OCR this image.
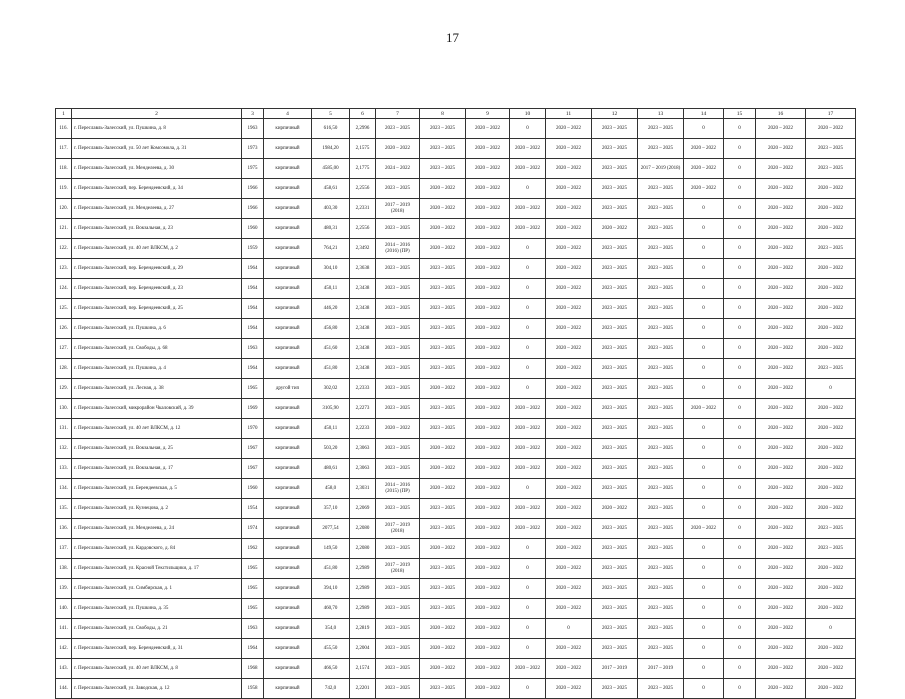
17
1	2	3	4	5	6	7	8	9	10	11	12	13	14	15	16	17
116.	г. Переславль-Залесский, ул. Пушкина, д. 8	1963	кирпичный	616,50	2,2996	2023 – 2025	2023 – 2025	2020 – 2022	0	2020 – 2022	2023 – 2025	2023 – 2025	0	0	2020 – 2022	2020 – 2022
117.	г. Переславль-Залесский, ул. 50 лет Комсомола, д. 31	1973	кирпичный	1984,20	2,1575	2020 – 2022	2023 – 2025	2020 – 2022	2020 – 2022	2020 – 2022	2023 – 2025	2023 – 2025	2020 – 2022	0	2020 – 2022	2023 – 2025
118.	г. Переславль-Залесский, ул. Менделеева, д. 30	1975	кирпичный	4585,00	2,1775	2024 – 2022	2023 – 2025	2020 – 2022	2020 – 2022	2020 – 2022	2023 – 2025	2017 – 2019 (2018)	2020 – 2022	0	2020 – 2022	2023 – 2025
119.	г. Переславль-Залесский, пер. Берендеевский, д. 34	1966	кирпичный	458,61	2,2556	2023 – 2025	2020 – 2022	2020 – 2022	0	2020 – 2022	2023 – 2025	2023 – 2025	2020 – 2022	0	2020 – 2022	2020 – 2022
120.	г. Переславль-Залесский, ул. Менделеева, д. 27	1966	кирпичный	403,30	2,2331	2017 – 2019 (2018)	2020 – 2022	2020 – 2022	2020 – 2022	2020 – 2022	2023 – 2025	2023 – 2025	0	0	2020 – 2022	2020 – 2022
121.	г. Переславль-Залесский, ул. Вокзальная, д. 23	1960	кирпичный	480,31	2,2556	2023 – 2025	2020 – 2022	2020 – 2022	2020 – 2022	2020 – 2022	2020 – 2022	2023 – 2025	0	0	2020 – 2022	2020 – 2022
122.	г. Переславль-Залесский, ул. 40 лет ВЛКСМ, д. 2	1959	кирпичный	764,21	2,3492	2014 – 2016 (2016) (ПР)	2020 – 2022	2020 – 2022	0	2020 – 2022	2023 – 2025	2023 – 2025	0	0	2020 – 2022	2023 – 2025
123.	г. Переславль-Залесский, пер. Берендеевский, д. 29	1964	кирпичный	304,10	2,3638	2023 – 2025	2023 – 2025	2020 – 2022	0	2020 – 2022	2023 – 2025	2023 – 2025	0	0	2020 – 2022	2020 – 2022
124.	г. Переславль-Залесский, пер. Берендеевский, д. 23	1964	кирпичный	450,11	2,3438	2023 – 2025	2023 – 2025	2020 – 2022	0	2020 – 2022	2023 – 2025	2023 – 2025	0	0	2020 – 2022	2020 – 2022
125.	г. Переславль-Залесский, пер. Берендеевский, д. 25	1964	кирпичный	446,20	2,3438	2023 – 2025	2023 – 2025	2020 – 2022	0	2020 – 2022	2023 – 2025	2023 – 2025	0	0	2020 – 2022	2020 – 2022
126.	г. Переславль-Залесский, ул. Пушкина, д. 6	1964	кирпичный	456,80	2,3438	2023 – 2025	2023 – 2025	2020 – 2022	0	2020 – 2022	2023 – 2025	2023 – 2025	0	0	2020 – 2022	2020 – 2022
127.	г. Переславль-Залесский, ул. Свободы, д. 68	1963	кирпичный	451,60	2,3438	2023 – 2025	2023 – 2025	2020 – 2022	0	2020 – 2022	2023 – 2025	2023 – 2025	0	0	2020 – 2022	2020 – 2022
128.	г. Переславль-Залесский, ул. Пушкина, д. 4	1964	кирпичный	451,80	2,3438	2023 – 2025	2023 – 2025	2020 – 2022	0	2020 – 2022	2023 – 2025	2023 – 2025	0	0	2020 – 2022	2023 – 2025
129.	г. Переславль-Залесский, ул. Лесная, д. 38	1965	другой тип	302,02	2,2333	2023 – 2025	2020 – 2022	2020 – 2022	0	2020 – 2022	2023 – 2025	2023 – 2025	0	0	2020 – 2022	0
130.	г. Переславль-Залесский, микрорайон Чкаловский, д. 39	1969	кирпичный	3105,90	2,2273	2023 – 2025	2023 – 2025	2020 – 2022	2020 – 2022	2020 – 2022	2023 – 2025	2023 – 2025	2020 – 2022	0	2020 – 2022	2020 – 2022
131.	г. Переславль-Залесский, ул. 40 лет ВЛКСМ, д. 12	1970	кирпичный	450,11	2,2233	2020 – 2022	2023 – 2025	2020 – 2022	2020 – 2022	2020 – 2022	2023 – 2025	2023 – 2025	0	0	2020 – 2022	2020 – 2022
132.	г. Переславль-Залесский, ул. Вокзальная, д. 25	1967	кирпичный	503,20	2,3063	2023 – 2025	2020 – 2022	2020 – 2022	2020 – 2022	2020 – 2022	2023 – 2025	2023 – 2025	0	0	2020 – 2022	2020 – 2022
133.	г. Переславль-Залесский, ул. Вокзальная, д. 17	1967	кирпичный	480,61	2,3063	2023 – 2025	2020 – 2022	2020 – 2022	2020 – 2022	2020 – 2022	2023 – 2025	2023 – 2025	0	0	2020 – 2022	2020 – 2022
134.	г. Переславль-Залесский, ул. Берендеевская, д. 5	1960	кирпичный	458,0	2,3031	2014 – 2016 (2015) (ПР)	2020 – 2022	2020 – 2022	0	2020 – 2022	2023 – 2025	2023 – 2025	0	0	2020 – 2022	2020 – 2022
135.	г. Переславль-Залесский, ул. Кузнецова, д. 2	1954	кирпичный	357,10	2,2069	2023 – 2025	2023 – 2025	2020 – 2022	2020 – 2022	2020 – 2022	2020 – 2022	2023 – 2025	0	0	2020 – 2022	2020 – 2022
136.	г. Переславль-Залесский, ул. Менделеева, д. 24	1974	кирпичный	2077,54	2,2080	2017 – 2019 (2018)	2023 – 2025	2020 – 2022	2020 – 2022	2020 – 2022	2023 – 2025	2023 – 2025	2020 – 2022	0	2020 – 2022	2023 – 2025
137.	г. Переславль-Залесский, ул. Кардовского, д. 84	1962	кирпичный	149,50	2,2080	2023 – 2025	2020 – 2022	2020 – 2022	0	2020 – 2022	2023 – 2025	2023 – 2025	0	0	2020 – 2022	2023 – 2025
138.	г. Переславль-Залесский, ул. Красной Текстильщики, д. 17	1965	кирпичный	451,80	2,2989	2017 – 2019 (2018)	2023 – 2025	2020 – 2022	0	2020 – 2022	2023 – 2025	2023 – 2025	0	0	2020 – 2022	2020 – 2022
139.	г. Переславль-Залесский, ул. Симбирская, д. 1	1965	кирпичный	394,10	2,2989	2023 – 2025	2023 – 2025	2020 – 2022	0	2020 – 2022	2023 – 2025	2023 – 2025	0	0	2020 – 2022	2020 – 2022
140.	г. Переславль-Залесский, ул. Пушкина, д. 35	1965	кирпичный	460,70	2,2989	2023 – 2025	2023 – 2025	2020 – 2022	0	2020 – 2022	2023 – 2025	2023 – 2025	0	0	2020 – 2022	2020 – 2022
141.	г. Переславль-Залесский, ул. Свободы, д. 21	1963	кирпичный	354,0	2,2819	2023 – 2025	2020 – 2022	2020 – 2022	0	0	2023 – 2025	2023 – 2025	0	0	2020 – 2022	0
142.	г. Переславль-Залесский, пер. Берендеевский, д. 31	1964	кирпичный	455,50	2,2004	2023 – 2025	2020 – 2022	2020 – 2022	0	2020 – 2022	2023 – 2025	2023 – 2025	0	0	2020 – 2022	2020 – 2022
143.	г. Переславль-Залесский, ул. 40 лет ВЛКСМ, д. 8	1968	кирпичный	466,50	2,1574	2023 – 2025	2020 – 2022	2020 – 2022	2020 – 2022	2020 – 2022	2017 – 2019	2017 – 2019	0	0	2020 – 2022	2020 – 2022
144.	г. Переславль-Залесский, ул. Заводская, д. 12	1958	кирпичный	742,0	2,2201	2023 – 2025	2023 – 2025	2020 – 2022	0	2020 – 2022	2023 – 2025	2023 – 2025	0	0	2020 – 2022	2020 – 2022
